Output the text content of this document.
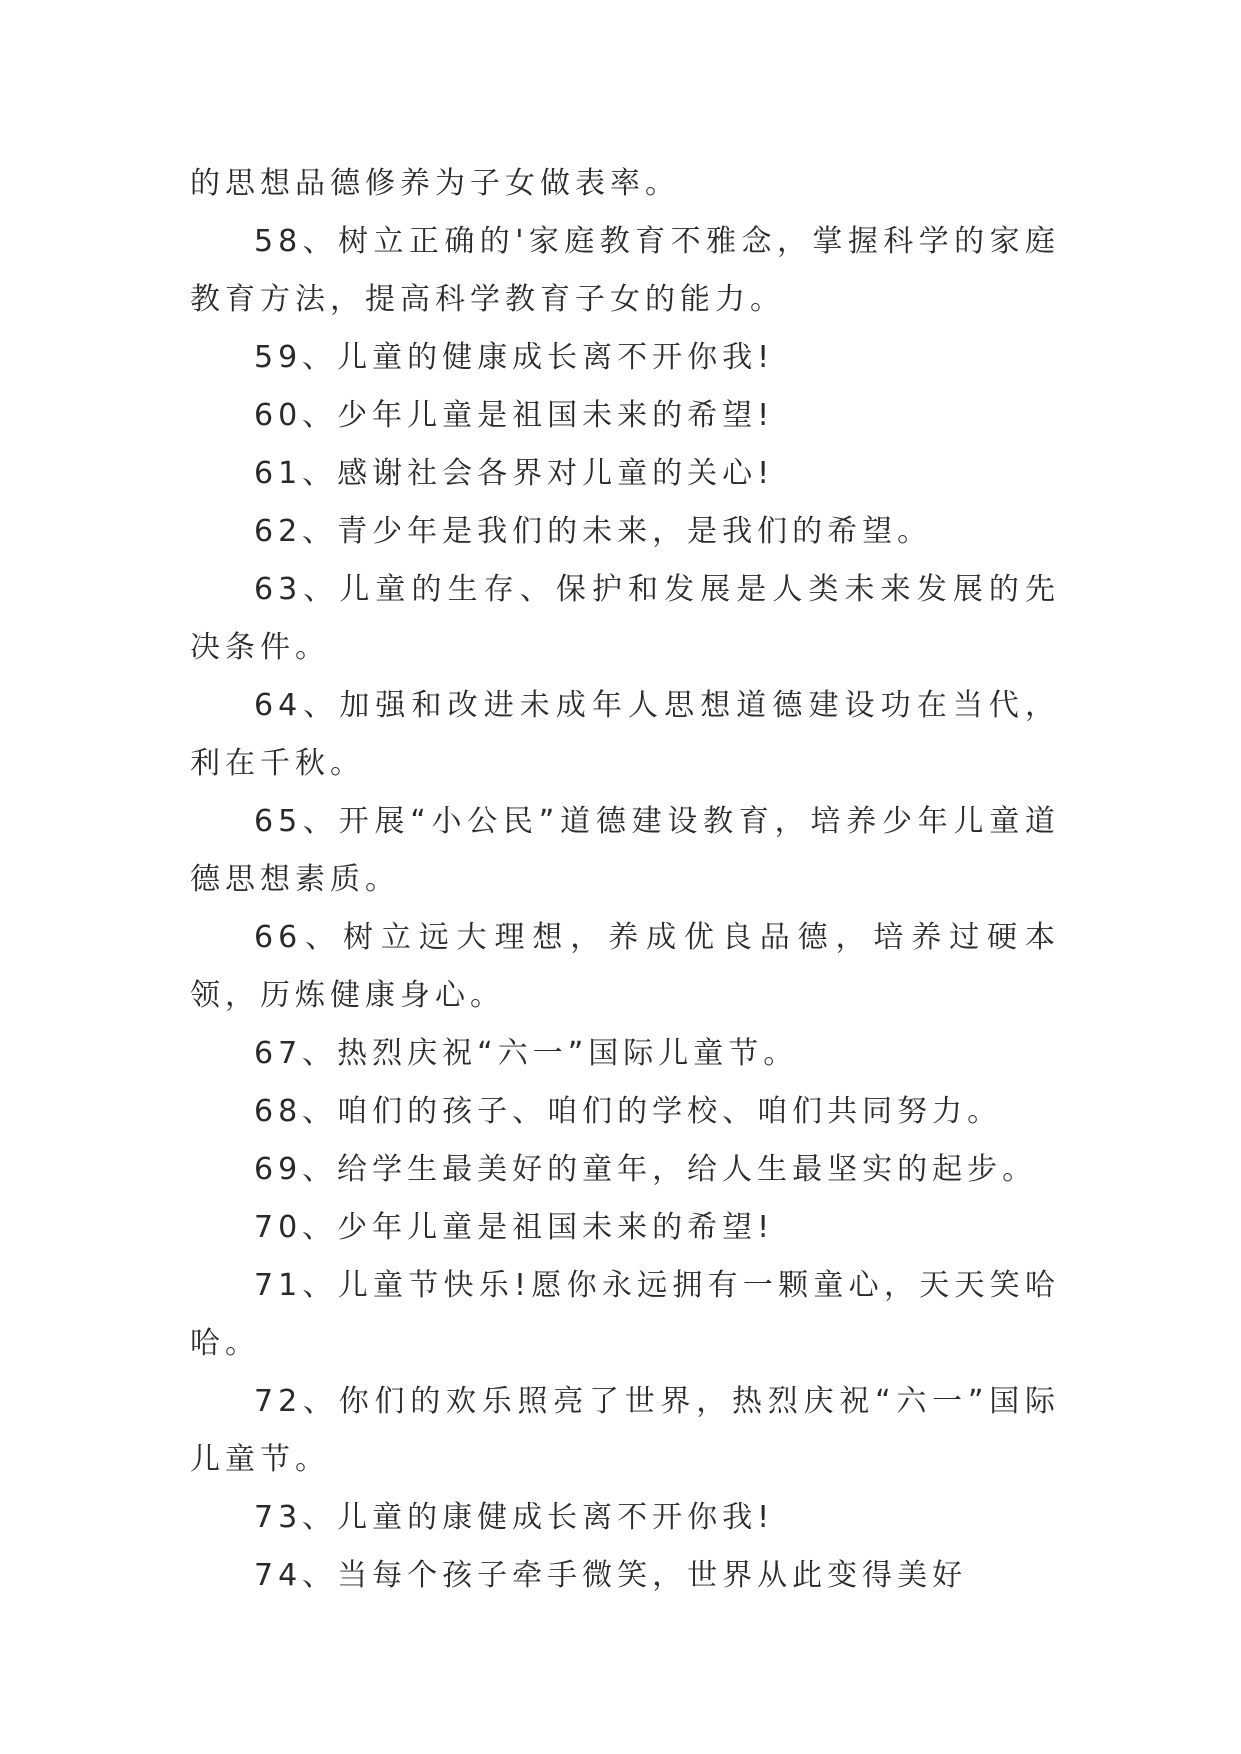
的思想品德修养为子女做表率。

58、树立正确的'家庭教育不雅念，掌握科学的家庭教育方法，提高科学教育子女的能力。

59、儿童的健康成长离不开你我!

60、少年儿童是祖国未来的希望!

61、感谢社会各界对儿童的关心!

62、青少年是我们的未来，是我们的希望。

63、儿童的生存、保护和发展是人类未来发展的先决条件。

64、加强和改进未成年人思想道德建设功在当代，利在千秋。

65、开展“小公民”道德建设教育，培养少年儿童道德思想素质。

66、树立远大理想，养成优良品德，培养过硬本领，历炼健康身心。

67、热烈庆祝“六一”国际儿童节。

68、咱们的孩子、咱们的学校、咱们共同努力。

69、给学生最美好的童年，给人生最坚实的起步。

70、少年儿童是祖国未来的希望!

71、儿童节快乐!愿你永远拥有一颗童心，天天笑哈哈。

72、你们的欢乐照亮了世界，热烈庆祝“六一”国际儿童节。

73、儿童的康健成长离不开你我!

74、当每个孩子牵手微笑，世界从此变得美好
